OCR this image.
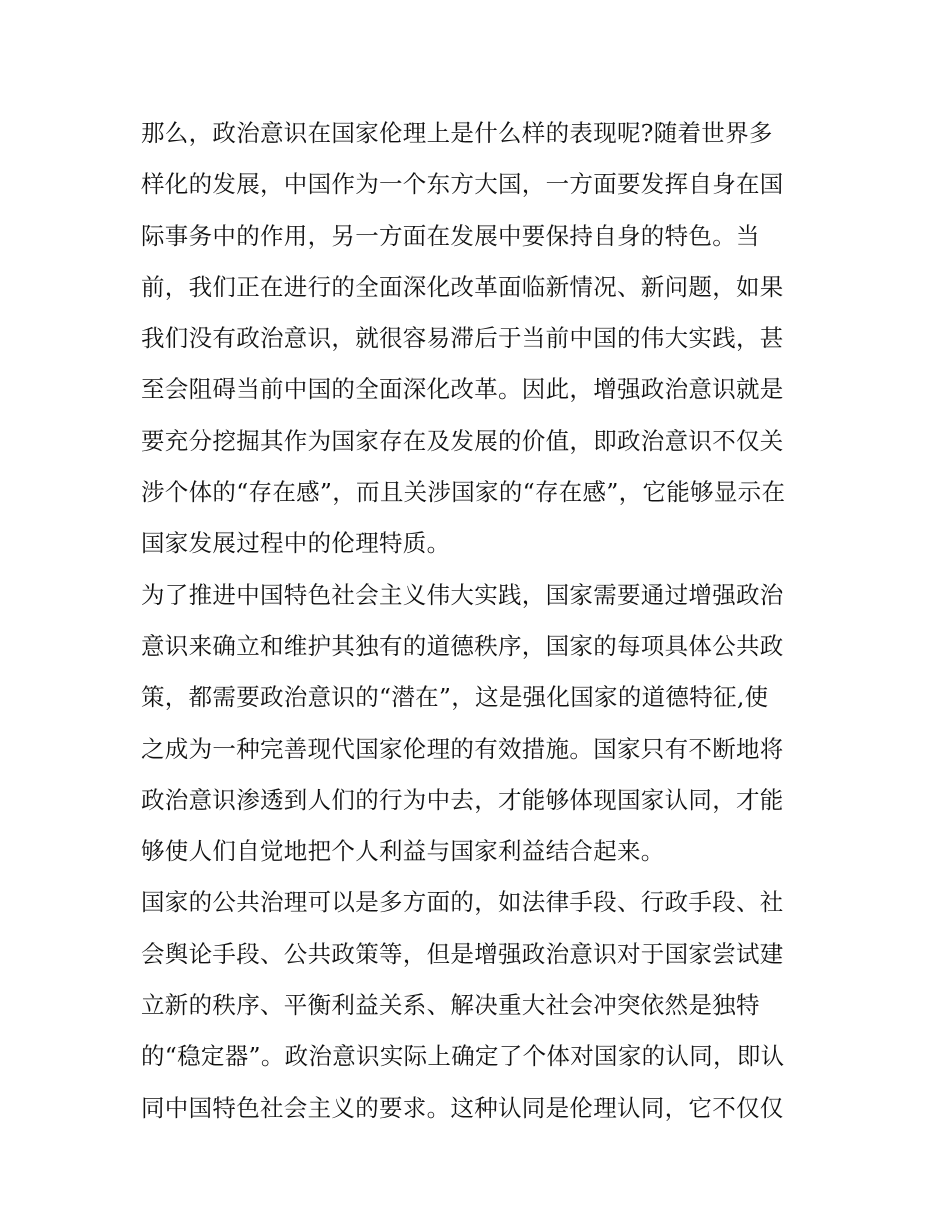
那么，政治意识在国家伦理上是什么样的表现呢?随着世界多
样化的发展，中国作为一个东方大国，一方面要发挥自身在国
际事务中的作用，另一方面在发展中要保持自身的特色。当
前，我们正在进行的全面深化改革面临新情况、新问题，如果
我们没有政治意识，就很容易滞后于当前中国的伟大实践，甚
至会阻碍当前中国的全面深化改革。因此，增强政治意识就是
要充分挖掘其作为国家存在及发展的价值，即政治意识不仅关
涉个体的“存在感”，而且关涉国家的“存在感”，它能够显示在
国家发展过程中的伦理特质。
为了推进中国特色社会主义伟大实践，国家需要通过增强政治
意识来确立和维护其独有的道德秩序，国家的每项具体公共政
策，都需要政治意识的“潜在”，这是强化国家的道德特征,使
之成为一种完善现代国家伦理的有效措施。国家只有不断地将
政治意识渗透到人们的行为中去，才能够体现国家认同，才能
够使人们自觉地把个人利益与国家利益结合起来。
国家的公共治理可以是多方面的，如法律手段、行政手段、社
会舆论手段、公共政策等，但是增强政治意识对于国家尝试建
立新的秩序、平衡利益关系、解决重大社会冲突依然是独特
的“稳定器”。政治意识实际上确定了个体对国家的认同，即认
同中国特色社会主义的要求。这种认同是伦理认同，它不仅仅
